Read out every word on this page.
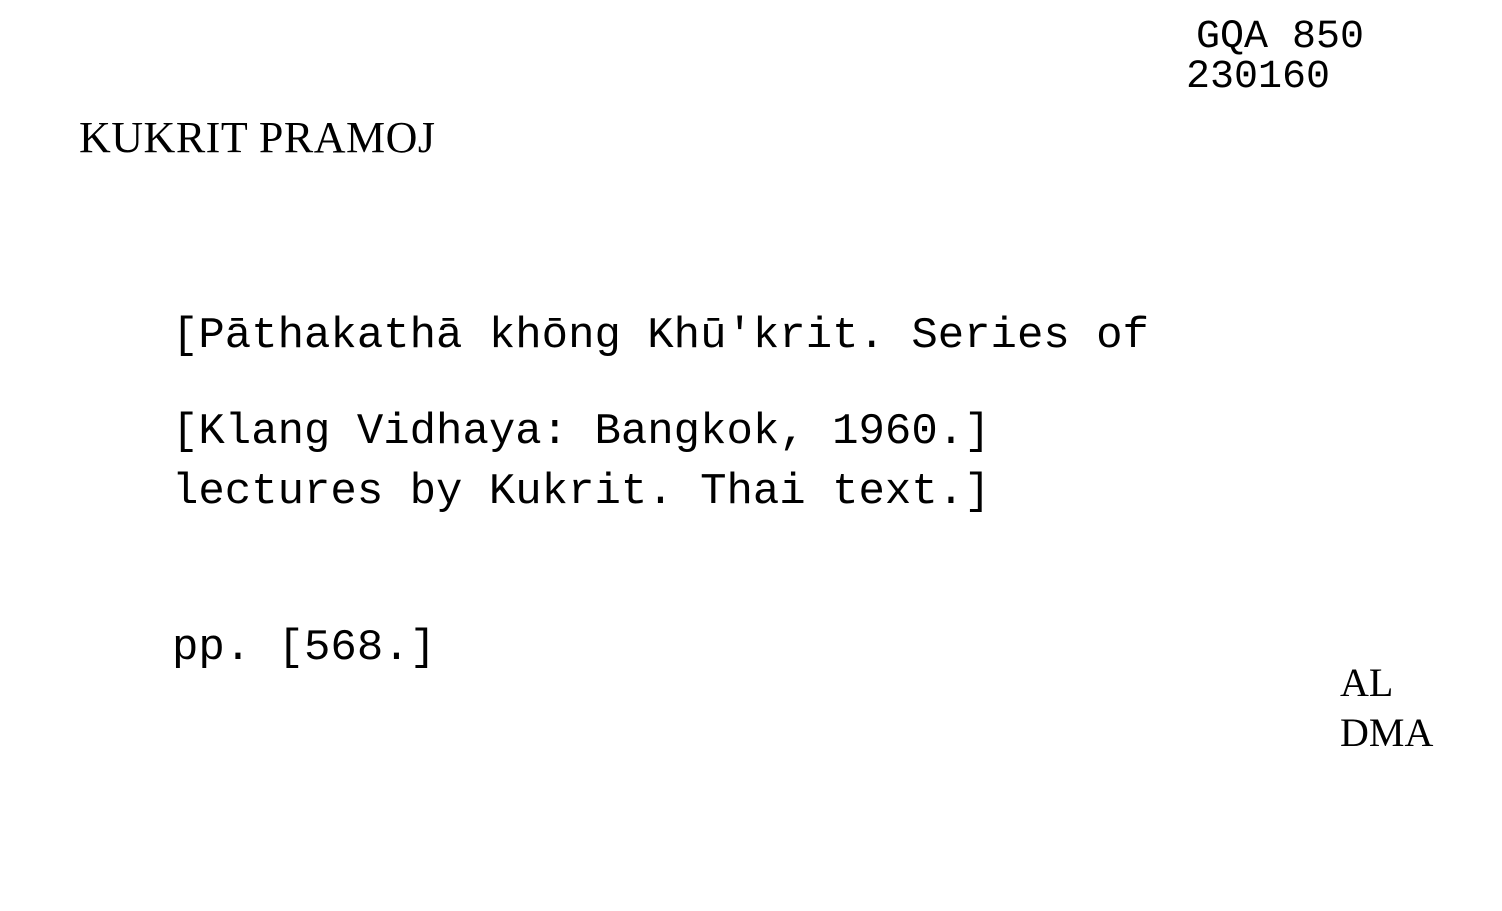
GQA 850
230160
KUKRIT PRAMOJ

[Pāthakathā khōng Khū'krit. Series of

lectures by Kukrit. Thai text.]

pp. [568.]

[Klang Vidhaya: Bangkok, 1960.]
AL
DMA
